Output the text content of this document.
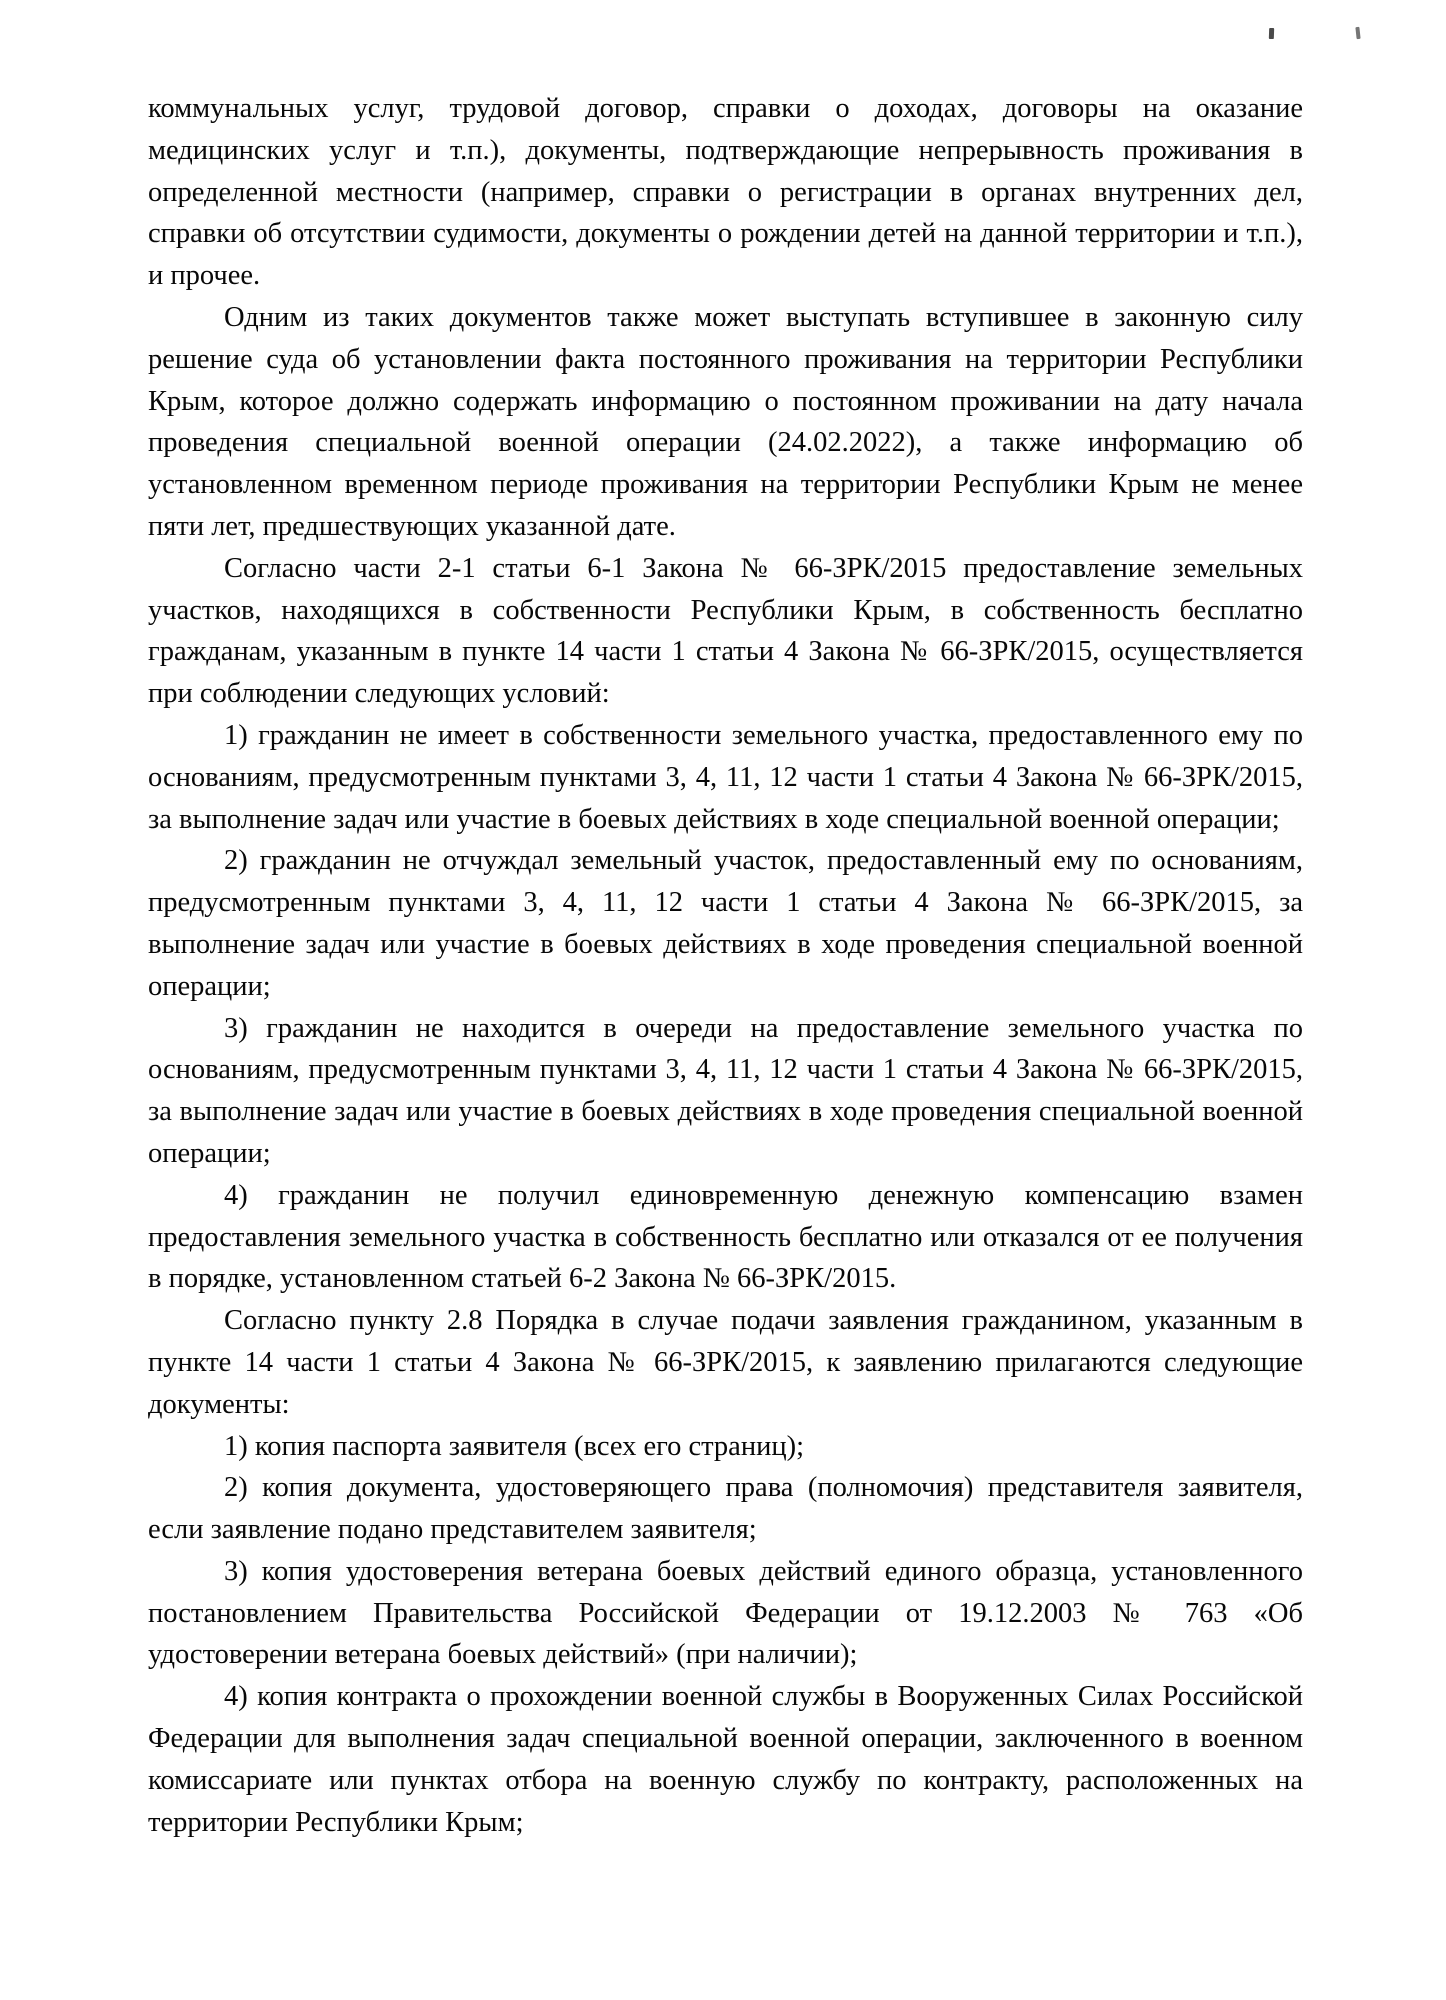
коммунальных услуг, трудовой договор, справки о доходах, договоры на оказание медицинских услуг и т.п.), документы, подтверждающие непрерывность проживания в определенной местности (например, справки о регистрации в органах внутренних дел, справки об отсутствии судимости, документы о рождении детей на данной территории и т.п.), и прочее.

Одним из таких документов также может выступать вступившее в законную силу решение суда об установлении факта постоянного проживания на территории Республики Крым, которое должно содержать информацию о постоянном проживании на дату начала проведения специальной военной операции (24.02.2022), а также информацию об установленном временном периоде проживания на территории Республики Крым не менее пяти лет, предшествующих указанной дате.

Согласно части 2-1 статьи 6-1 Закона № 66-ЗРК/2015 предоставление земельных участков, находящихся в собственности Республики Крым, в собственность бесплатно гражданам, указанным в пункте 14 части 1 статьи 4 Закона № 66-ЗРК/2015, осуществляется при соблюдении следующих условий:

1) гражданин не имеет в собственности земельного участка, предоставленного ему по основаниям, предусмотренным пунктами 3, 4, 11, 12 части 1 статьи 4 Закона № 66-ЗРК/2015, за выполнение задач или участие в боевых действиях в ходе специальной военной операции;

2) гражданин не отчуждал земельный участок, предоставленный ему по основаниям, предусмотренным пунктами 3, 4, 11, 12 части 1 статьи 4 Закона № 66-ЗРК/2015, за выполнение задач или участие в боевых действиях в ходе проведения специальной военной операции;

3) гражданин не находится в очереди на предоставление земельного участка по основаниям, предусмотренным пунктами 3, 4, 11, 12 части 1 статьи 4 Закона № 66-ЗРК/2015, за выполнение задач или участие в боевых действиях в ходе проведения специальной военной операции;

4) гражданин не получил единовременную денежную компенсацию взамен предоставления земельного участка в собственность бесплатно или отказался от ее получения в порядке, установленном статьей 6-2 Закона № 66-ЗРК/2015.

Согласно пункту 2.8 Порядка в случае подачи заявления гражданином, указанным в пункте 14 части 1 статьи 4 Закона № 66-ЗРК/2015, к заявлению прилагаются следующие документы:

1) копия паспорта заявителя (всех его страниц);

2) копия документа, удостоверяющего права (полномочия) представителя заявителя, если заявление подано представителем заявителя;

3) копия удостоверения ветерана боевых действий единого образца, установленного постановлением Правительства Российской Федерации от 19.12.2003 № 763 «Об удостоверении ветерана боевых действий» (при наличии);

4) копия контракта о прохождении военной службы в Вооруженных Силах Российской Федерации для выполнения задач специальной военной операции, заключенного в военном комиссариате или пунктах отбора на военную службу по контракту, расположенных на территории Республики Крым;
